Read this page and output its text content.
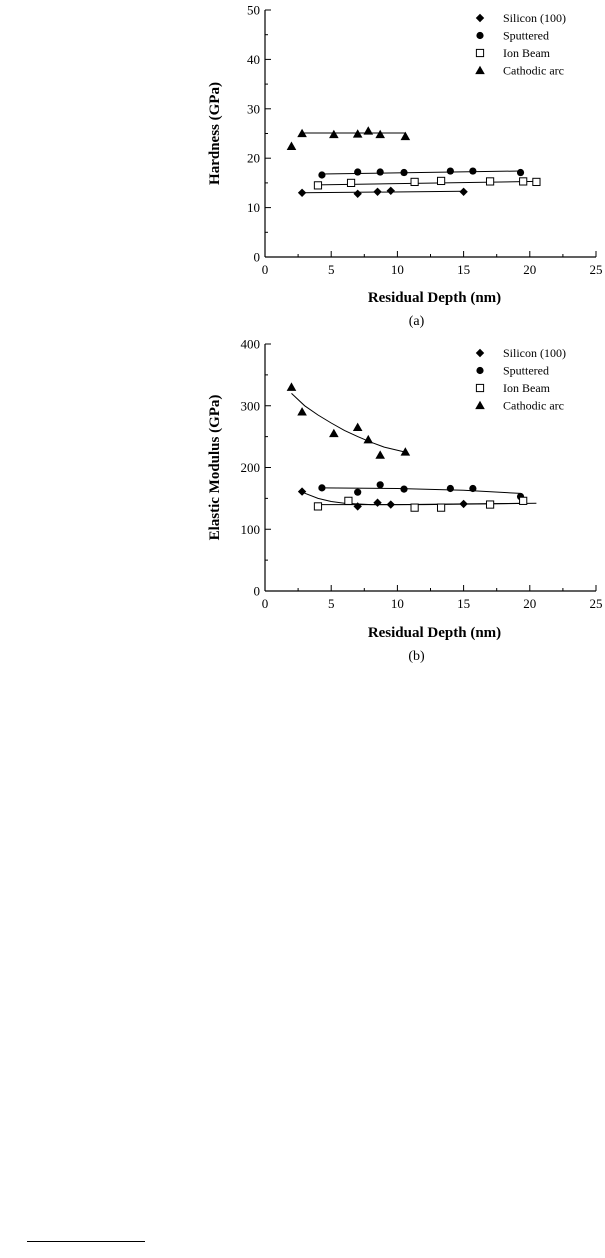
0	5	10	15	20	25
0
10
20
30
40
50
Residual Depth (nm)
Hardness (GPa)
(a)
Silicon (100)
Sputtered
Ion Beam
Cathodic arc
0	5	10	15	20	25
0
100
200
300
400
Residual Depth (nm)
Elastic Modulus (GPa)
(b)
Silicon (100)
Sputtered
Ion Beam
Cathodic arc
